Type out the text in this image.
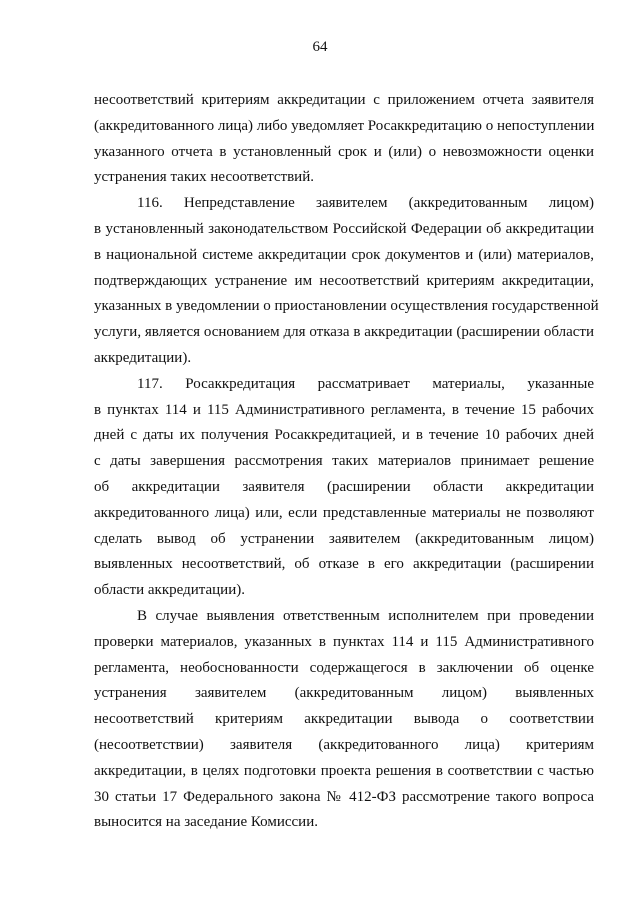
64

несоответствий критериям аккредитации с приложением отчета заявителя
(аккредитованного лица) либо уведомляет Росаккредитацию о непоступлении
указанного отчета в установленный срок и (или) о невозможности оценки
устранения таких несоответствий.

116. Непредставление заявителем (аккредитованным лицом)
в установленный законодательством Российской Федерации об аккредитации
в национальной системе аккредитации срок документов и (или) материалов,
подтверждающих устранение им несоответствий критериям аккредитации,
указанных в уведомлении о приостановлении осуществления государственной
услуги, является основанием для отказа в аккредитации (расширении области
аккредитации).

117. Росаккредитация рассматривает материалы, указанные
в пунктах 114 и 115 Административного регламента, в течение 15 рабочих
дней с даты их получения Росаккредитацией, и в течение 10 рабочих дней
с даты завершения рассмотрения таких материалов принимает решение
об аккредитации заявителя (расширении области аккредитации
аккредитованного лица) или, если представленные материалы не позволяют
сделать вывод об устранении заявителем (аккредитованным лицом)
выявленных несоответствий, об отказе в его аккредитации (расширении
области аккредитации).

В случае выявления ответственным исполнителем при проведении
проверки материалов, указанных в пунктах 114 и 115 Административного
регламента, необоснованности содержащегося в заключении об оценке
устранения заявителем (аккредитованным лицом) выявленных
несоответствий критериям аккредитации вывода о соответствии
(несоответствии) заявителя (аккредитованного лица) критериям
аккредитации, в целях подготовки проекта решения в соответствии с частью
30 статьи 17 Федерального закона № 412-ФЗ рассмотрение такого вопроса
выносится на заседание Комиссии.
